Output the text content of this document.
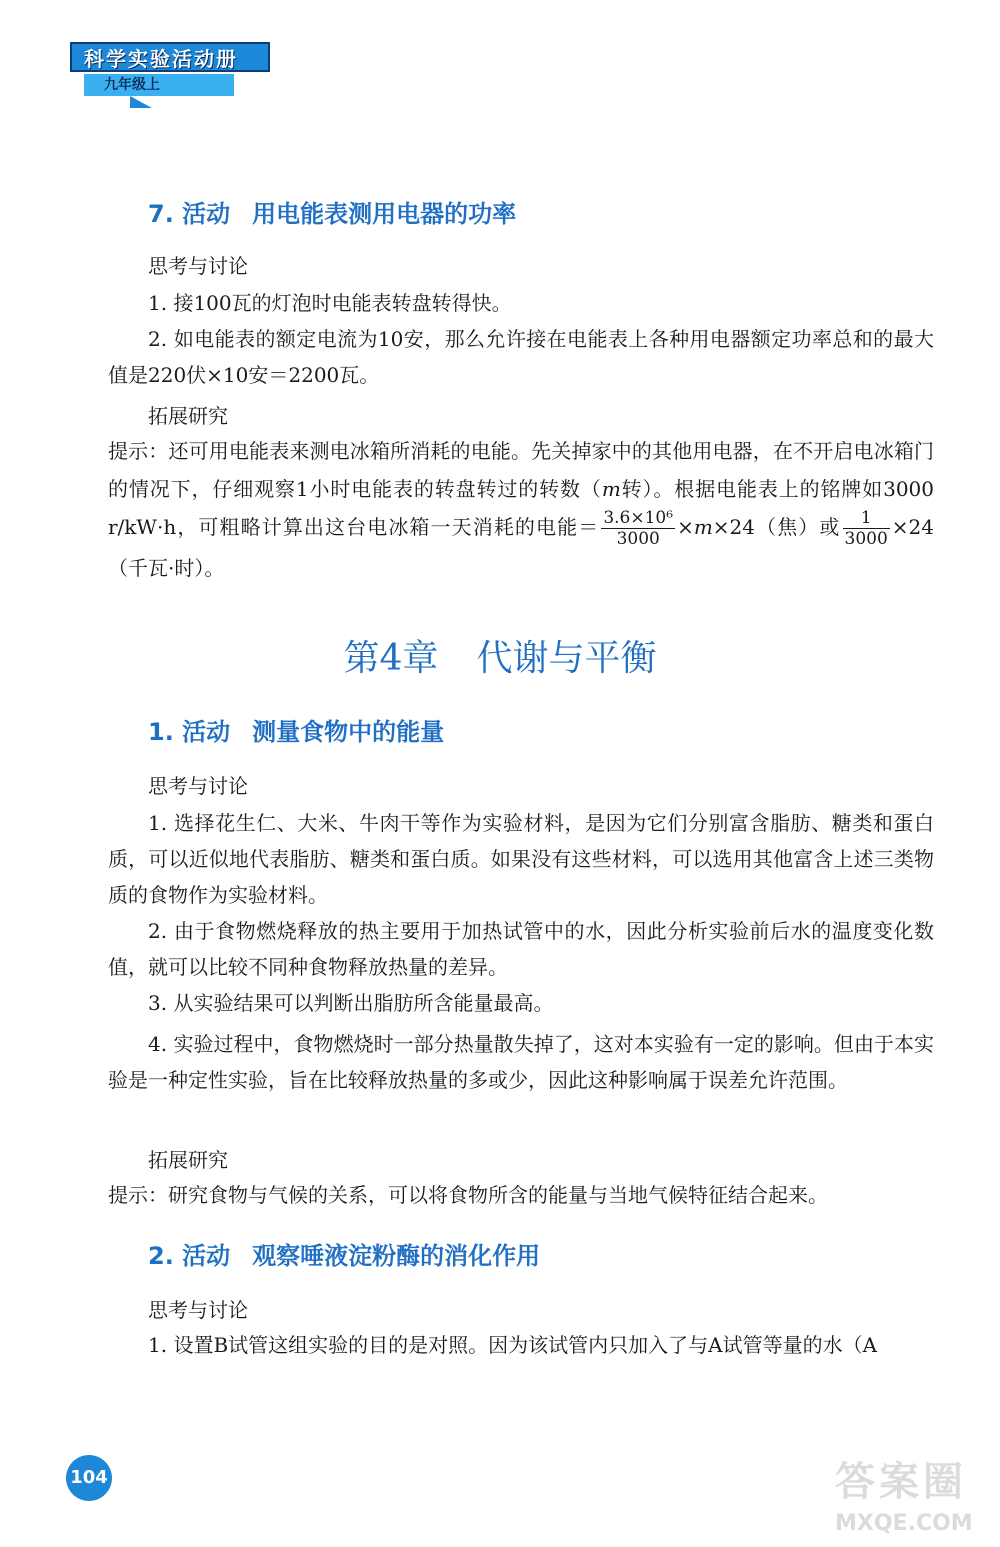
科学实验活动册
九年级上
7. 活动 用电能表测用电器的功率
思考与讨论
1. 接100瓦的灯泡时电能表转盘转得快。
2. 如电能表的额定电流为10安，那么允许接在电能表上各种用电器额定功率总和的最大值是220伏×10安＝2200瓦。
拓展研究
提示：还可用电能表来测电冰箱所消耗的电能。先关掉家中的其他用电器，在不开启电冰箱门的情况下，仔细观察1小时电能表的转盘转过的转数（m转）。根据电能表上的铭牌如3000 r/kW·h，可粗略计算出这台电冰箱一天消耗的电能＝ $\frac{\text{3.6×10⁶}}{3000} \times m\times 24$（焦）或 $\frac{1}{3000} \times 24$（千瓦·时）。
第4章 代谢与平衡
1. 活动 测量食物中的能量
思考与讨论
1. 选择花生仁、大米、牛肉干等作为实验材料，是因为它们分别富含脂肪、糖类和蛋白质，可以近似地代表脂肪、糖类和蛋白质。如果没有这些材料，可以选用其他富含上述三类物质的食物作为实验材料。
2. 由于食物燃烧释放的热主要用于加热试管中的水，因此分析实验前后水的温度变化数值，就可以比较不同种食物释放热量的差异。
3. 从实验结果可以判断出脂肪所含能量最高。
4. 实验过程中，食物燃烧时一部分热量散失掉了，这对本实验有一定的影响。但由于本实验是一种定性实验，旨在比较释放热量的多或少，因此这种影响属于误差允许范围。
拓展研究
提示：研究食物与气候的关系，可以将食物所含的能量与当地气候特征结合起来。
2. 活动 观察唾液淀粉酶的消化作用
思考与讨论
1. 设置B试管这组实验的目的是对照。因为该试管内只加入了与A试管等量的水（A
104	答案圈
MXQE.COM
